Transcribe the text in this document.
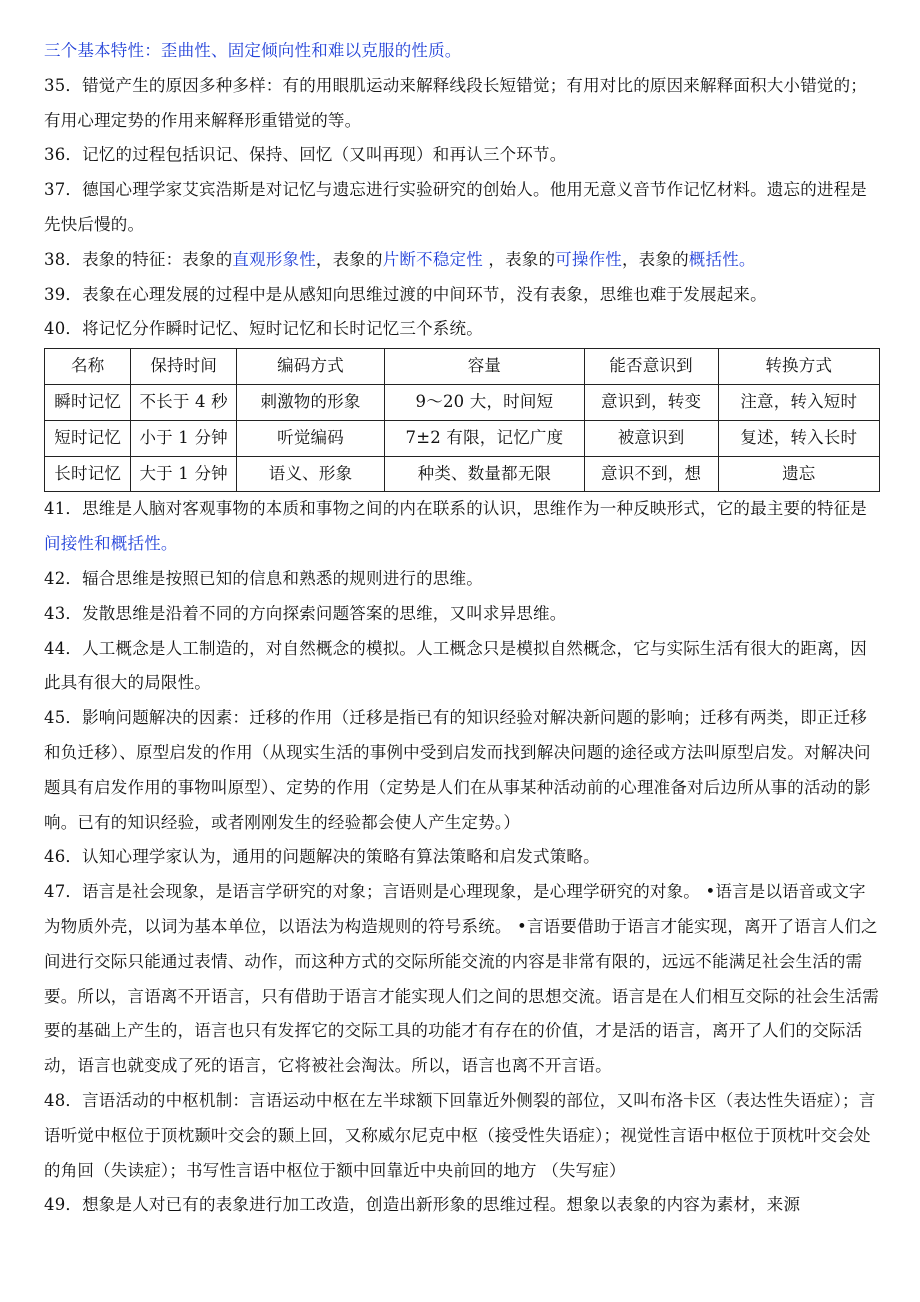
三个基本特性：歪曲性、固定倾向性和难以克服的性质。

35．错觉产生的原因多种多样：有的用眼肌运动来解释线段长短错觉；有用对比的原因来解释面积大小错觉的；有用心理定势的作用来解释形重错觉的等。

36．记忆的过程包括识记、保持、回忆（又叫再现）和再认三个环节。

37．德国心理学家艾宾浩斯是对记忆与遗忘进行实验研究的创始人。他用无意义音节作记忆材料。遗忘的进程是先快后慢的。

38．表象的特征：表象的直观形象性，表象的片断不稳定性 ，表象的可操作性，表象的概括性。

39．表象在心理发展的过程中是从感知向思维过渡的中间环节，没有表象，思维也难于发展起来。

40．将记忆分作瞬时记忆、短时记忆和长时记忆三个系统。

名称	保持时间	编码方式	容量	能否意识到	转换方式
瞬时记忆	不长于 4 秒	刺激物的形象	9～20 大，时间短	意识到，转变	注意，转入短时
短时记忆	小于 1 分钟	听觉编码	7±2 有限，记忆广度	被意识到	复述，转入长时
长时记忆	大于 1 分钟	语义、形象	种类、数量都无限	意识不到，想	遗忘

41．思维是人脑对客观事物的本质和事物之间的内在联系的认识，思维作为一种反映形式，它的最主要的特征是间接性和概括性。

42．辐合思维是按照已知的信息和熟悉的规则进行的思维。

43．发散思维是沿着不同的方向探索问题答案的思维，又叫求异思维。

44．人工概念是人工制造的，对自然概念的模拟。人工概念只是模拟自然概念，它与实际生活有很大的距离，因此具有很大的局限性。

45．影响问题解决的因素：迁移的作用（迁移是指已有的知识经验对解决新问题的影响；迁移有两类，即正迁移和负迁移）、原型启发的作用（从现实生活的事例中受到启发而找到解决问题的途径或方法叫原型启发。对解决问题具有启发作用的事物叫原型）、定势的作用（定势是人们在从事某种活动前的心理准备对后边所从事的活动的影响。已有的知识经验，或者刚刚发生的经验都会使人产生定势。）

46．认知心理学家认为，通用的问题解决的策略有算法策略和启发式策略。

47．语言是社会现象，是语言学研究的对象；言语则是心理现象，是心理学研究的对象。 •语言是以语音或文字为物质外壳，以词为基本单位，以语法为构造规则的符号系统。 •言语要借助于语言才能实现，离开了语言人们之间进行交际只能通过表情、动作，而这种方式的交际所能交流的内容是非常有限的，远远不能满足社会生活的需要。所以，言语离不开语言，只有借助于语言才能实现人们之间的思想交流。语言是在人们相互交际的社会生活需要的基础上产生的，语言也只有发挥它的交际工具的功能才有存在的价值，才是活的语言，离开了人们的交际活动，语言也就变成了死的语言，它将被社会淘汰。所以，语言也离不开言语。

48．言语活动的中枢机制：言语运动中枢在左半球额下回靠近外侧裂的部位，又叫布洛卡区（表达性失语症）；言语听觉中枢位于顶枕颞叶交会的颞上回，又称威尔尼克中枢（接受性失语症）；视觉性言语中枢位于顶枕叶交会处的角回（失读症）；书写性言语中枢位于额中回靠近中央前回的地方 （失写症）

49．想象是人对已有的表象进行加工改造，创造出新形象的思维过程。想象以表象的内容为素材，来源
